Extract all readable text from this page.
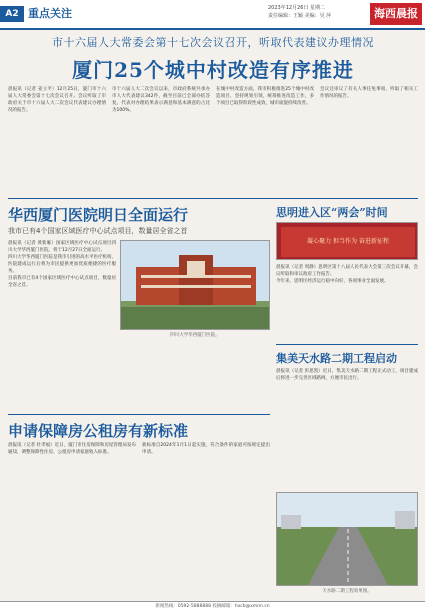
A2 重点关注	2023年12月26日 星期二
责任编辑：王颖 美编：吴 萍	海西晨报
市十六届人大常委会第十七次会议召开，听取代表建议办理情况
厦门25个城中村改造有序推进
晨报讯（记者 姜立平）12月25日，厦门市十六届人大常委会第十七次会议召开。会议听取了市政府关于市十六届人大二次会议代表建议办理情况的报告。
市十六届人大二次会议以来，市政府系统共承办市人大代表建议342件，截至目前已全部办结答复。代表对办理结果表示满意和基本满意的占比为100%。
在城中村改造方面，我市积极推进25个城中村改造项目，坚持规划引领，统筹推进改造工作，多个项目已取得阶段性成效，城市面貌持续改善。
会议还审议了有关人事任免事项，听取了相关工作情况的报告。
华西厦门医院明日全面运行
我市已有4个国家区域医疗中心试点项目，数量居全省之首

晨报讯（记者 黄新雁）国家区域医疗中心试点项目四川大学华西厦门医院，将于12月27日全面运行。

四川大学华西厦门医院是我市引进的高水平医疗机构，医院建成运行后将为市民提供更加优质便捷的医疗服务。

目前我市已有4个国家区域医疗中心试点项目，数量居全省之首。

四川大学华西厦门医院。
申请保障房公租房有新标准
晨报讯（记者 杜孝福）近日，厦门市住房保障和房屋管理局发布通知，调整保障性住房、公租房申请家庭收入标准。
新标准自2024年1月1日起实施，符合条件的家庭可按规定提出申请。
思明进入区“两会”时间
凝心聚力 担当作为 奋进新征程

晨报讯（记者 周静）思明区第十八届人民代表大会第三次会议开幕，会议听取和审议政府工作报告。

今年来，思明区经济运行稳中向好，各项事业全面发展。

集美天水路二期工程启动

晨报讯（记者 彭思凯）近日，集美天水路二期工程正式动工，项目建成后将进一步完善区域路网，方便市民出行。

天水路二期工程效果图。
新闻热线：0592-5888888 投稿邮箱：hxcb@xmnn.cn
